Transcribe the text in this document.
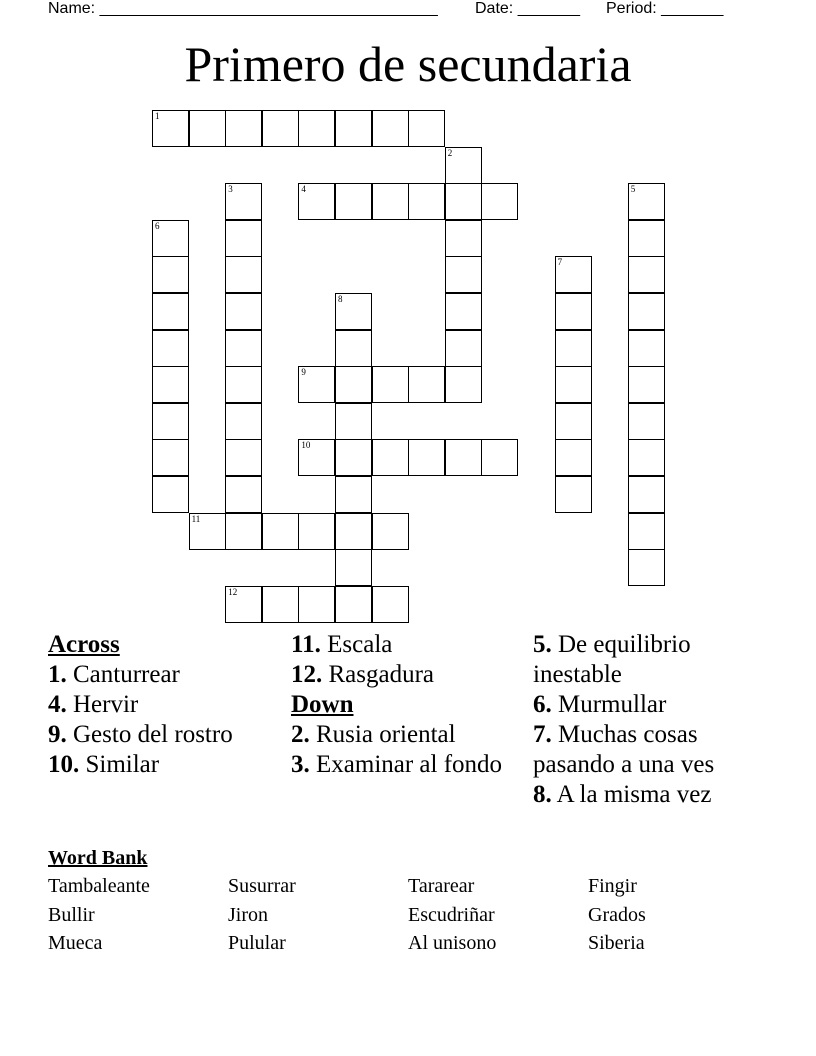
Name: ______________________________________ Date: _______ Period: _______
Primero de secundaria
1
2
3	4	5
6
7
8
9
10
11
12
Across
1. Canturrear
4. Hervir
9. Gesto del rostro
10. Similar
11. Escala
12. Rasgadura
Down
2. Rusia oriental
3. Examinar al fondo
5. De equilibrio inestable
6. Murmullar
7. Muchas cosas pasando a una ves
8. A la misma vez
Word Bank
Tambaleante	Susurrar	Tararear	Fingir
Bullir	Jiron	Escudriñar	Grados
Mueca	Pulular	Al unisono	Siberia
